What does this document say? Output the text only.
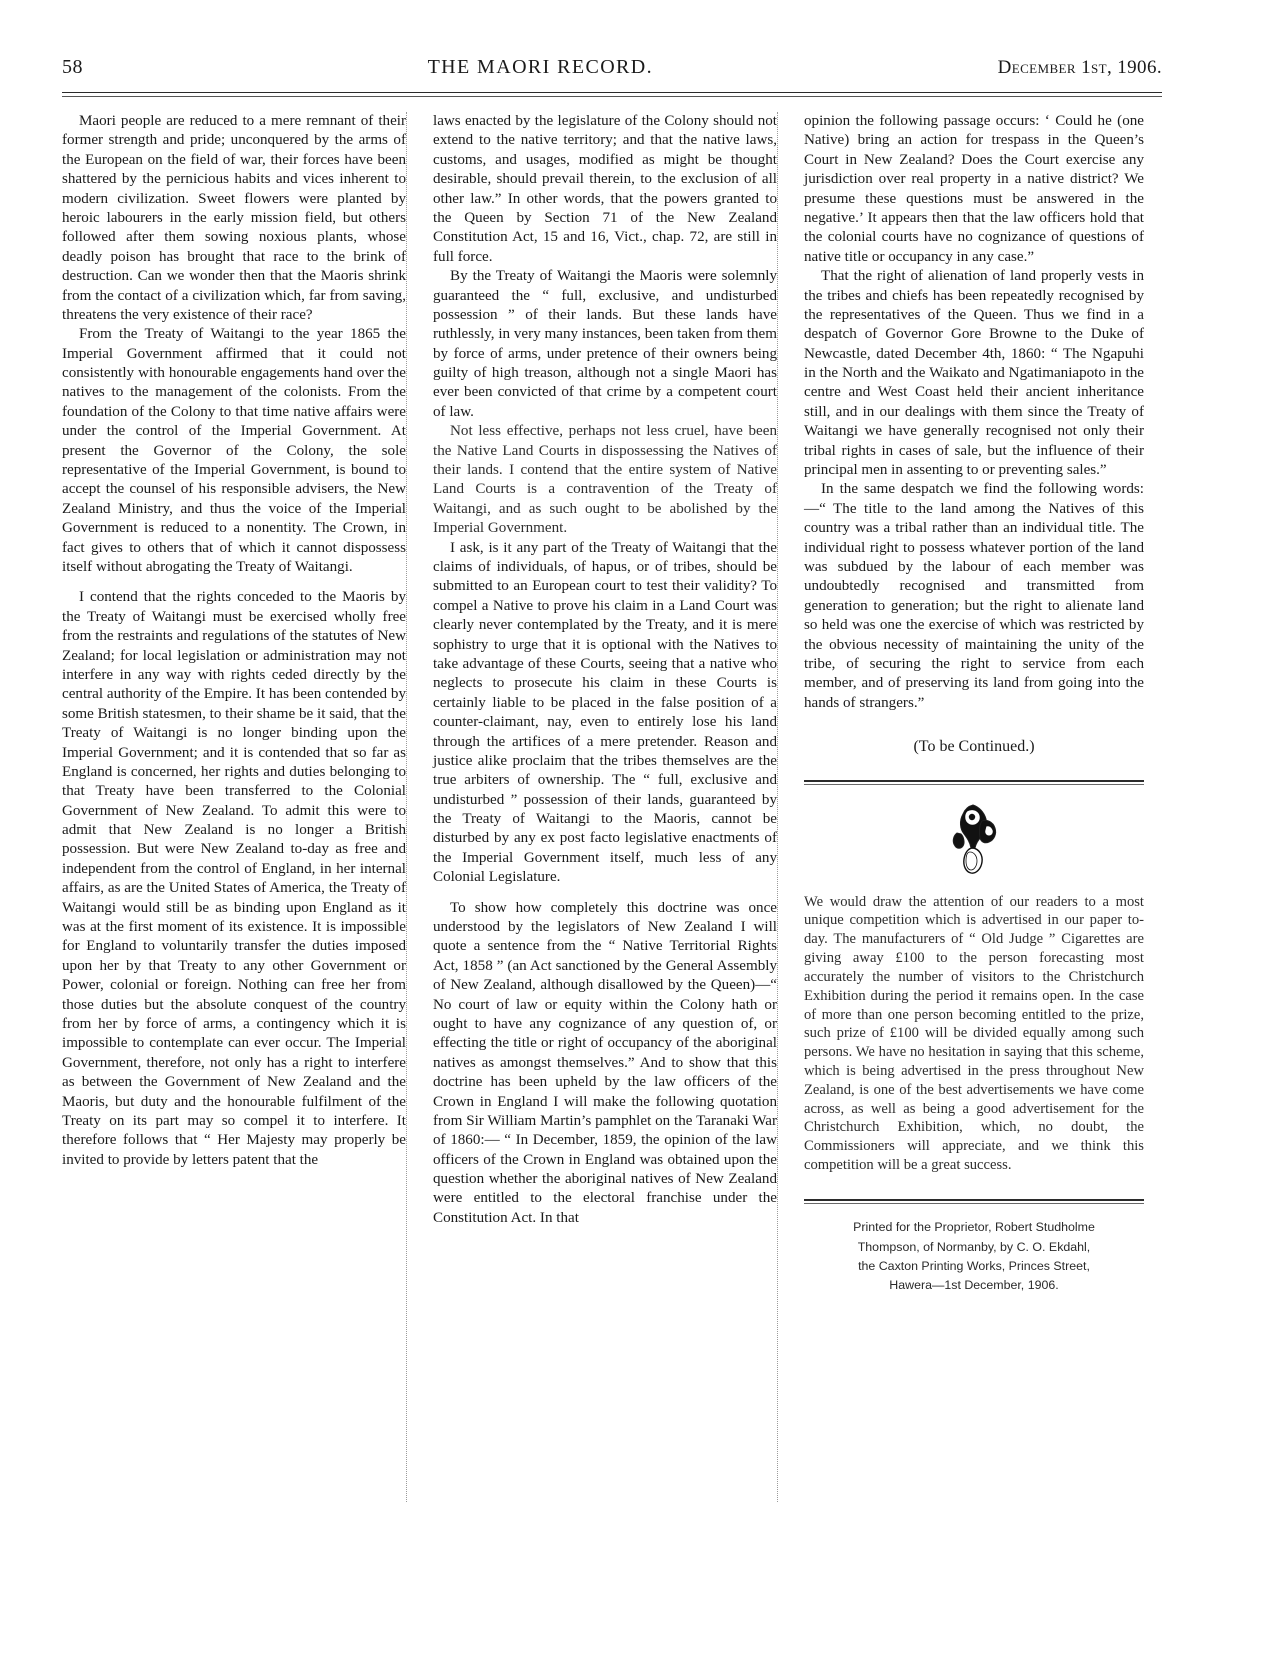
58	THE MAORI RECORD.	December 1st, 1906.

Maori people are reduced to a mere remnant of their former strength and pride; unconquered by the arms of the European on the field of war, their forces have been shattered by the pernicious habits and vices inherent to modern civilization. Sweet flowers were planted by heroic labourers in the early mission field, but others followed after them sowing noxious plants, whose deadly poison has brought that race to the brink of destruction. Can we wonder then that the Maoris shrink from the contact of a civilization which, far from saving, threatens the very existence of their race?

From the Treaty of Waitangi to the year 1865 the Imperial Government affirmed that it could not consistently with honourable engagements hand over the natives to the management of the colonists. From the foundation of the Colony to that time native affairs were under the control of the Imperial Government. At present the Governor of the Colony, the sole representative of the Imperial Government, is bound to accept the counsel of his responsible advisers, the New Zealand Ministry, and thus the voice of the Imperial Government is reduced to a nonentity. The Crown, in fact gives to others that of which it cannot dispossess itself without abrogating the Treaty of Waitangi.

I contend that the rights conceded to the Maoris by the Treaty of Waitangi must be exercised wholly free from the restraints and regulations of the statutes of New Zealand; for local legislation or administration may not interfere in any way with rights ceded directly by the central authority of the Empire. It has been contended by some British statesmen, to their shame be it said, that the Treaty of Waitangi is no longer binding upon the Imperial Government; and it is contended that so far as England is concerned, her rights and duties belonging to that Treaty have been transferred to the Colonial Government of New Zealand. To admit this were to admit that New Zealand is no longer a British possession. But were New Zealand to-day as free and independent from the control of England, in her internal affairs, as are the United States of America, the Treaty of Waitangi would still be as binding upon England as it was at the first moment of its existence. It is impossible for England to voluntarily transfer the duties imposed upon her by that Treaty to any other Government or Power, colonial or foreign. Nothing can free her from those duties but the absolute conquest of the country from her by force of arms, a contingency which it is impossible to contemplate can ever occur. The Imperial Government, therefore, not only has a right to interfere as between the Government of New Zealand and the Maoris, but duty and the honourable fulfilment of the Treaty on its part may so compel it to interfere. It therefore follows that “ Her Majesty may properly be invited to provide by letters patent that the

laws enacted by the legislature of the Colony should not extend to the native territory; and that the native laws, customs, and usages, modified as might be thought desirable, should prevail therein, to the exclusion of all other law.” In other words, that the powers granted to the Queen by Section 71 of the New Zealand Constitution Act, 15 and 16, Vict., chap. 72, are still in full force.

By the Treaty of Waitangi the Maoris were solemnly guaranteed the “ full, exclusive, and undisturbed possession ” of their lands. But these lands have ruthlessly, in very many instances, been taken from them by force of arms, under pretence of their owners being guilty of high treason, although not a single Maori has ever been convicted of that crime by a competent court of law.

Not less effective, perhaps not less cruel, have been the Native Land Courts in dispossessing the Natives of their lands. I contend that the entire system of Native Land Courts is a contravention of the Treaty of Waitangi, and as such ought to be abolished by the Imperial Government.

I ask, is it any part of the Treaty of Waitangi that the claims of individuals, of hapus, or of tribes, should be submitted to an European court to test their validity? To compel a Native to prove his claim in a Land Court was clearly never contemplated by the Treaty, and it is mere sophistry to urge that it is optional with the Natives to take advantage of these Courts, seeing that a native who neglects to prosecute his claim in these Courts is certainly liable to be placed in the false position of a counter-claimant, nay, even to entirely lose his land through the artifices of a mere pretender. Reason and justice alike proclaim that the tribes themselves are the true arbiters of ownership. The “ full, exclusive and undisturbed ” possession of their lands, guaranteed by the Treaty of Waitangi to the Maoris, cannot be disturbed by any ex post facto legislative enactments of the Imperial Government itself, much less of any Colonial Legislature.

To show how completely this doctrine was once understood by the legislators of New Zealand I will quote a sentence from the “ Native Territorial Rights Act, 1858 ” (an Act sanctioned by the General Assembly of New Zealand, although disallowed by the Queen)—“ No court of law or equity within the Colony hath or ought to have any cognizance of any question of, or effecting the title or right of occupancy of the aboriginal natives as amongst themselves.” And to show that this doctrine has been upheld by the law officers of the Crown in England I will make the following quotation from Sir William Martin’s pamphlet on the Taranaki War of 1860:— “ In December, 1859, the opinion of the law officers of the Crown in England was obtained upon the question whether the aboriginal natives of New Zealand were entitled to the electoral franchise under the Constitution Act. In that

opinion the following passage occurs: ‘ Could he (one Native) bring an action for trespass in the Queen’s Court in New Zealand? Does the Court exercise any jurisdiction over real property in a native district? We presume these questions must be answered in the negative.’ It appears then that the law officers hold that the colonial courts have no cognizance of questions of native title or occupancy in any case.”

That the right of alienation of land properly vests in the tribes and chiefs has been repeatedly recognised by the representatives of the Queen. Thus we find in a despatch of Governor Gore Browne to the Duke of Newcastle, dated December 4th, 1860: “ The Ngapuhi in the North and the Waikato and Ngatimaniapoto in the centre and West Coast held their ancient inheritance still, and in our dealings with them since the Treaty of Waitangi we have generally recognised not only their tribal rights in cases of sale, but the influence of their principal men in assenting to or preventing sales.”

In the same despatch we find the following words:—“ The title to the land among the Natives of this country was a tribal rather than an individual title. The individual right to possess whatever portion of the land was subdued by the labour of each member was undoubtedly recognised and transmitted from generation to generation; but the right to alienate land so held was one the exercise of which was restricted by the obvious necessity of maintaining the unity of the tribe, of securing the right to service from each member, and of preserving its land from going into the hands of strangers.”

(To be Continued.)

We would draw the attention of our readers to a most unique competition which is advertised in our paper to-day. The manufacturers of “ Old Judge ” Cigarettes are giving away £100 to the person forecasting most accurately the number of visitors to the Christchurch Exhibition during the period it remains open. In the case of more than one person becoming entitled to the prize, such prize of £100 will be divided equally among such persons. We have no hesitation in saying that this scheme, which is being advertised in the press throughout New Zealand, is one of the best advertisements we have come across, as well as being a good advertisement for the Christchurch Exhibition, which, no doubt, the Commissioners will appreciate, and we think this competition will be a great success.

Printed for the Proprietor, Robert Studholme
Thompson, of Normanby, by C. O. Ekdahl,
the Caxton Printing Works, Princes Street,
Hawera—1st December, 1906.
